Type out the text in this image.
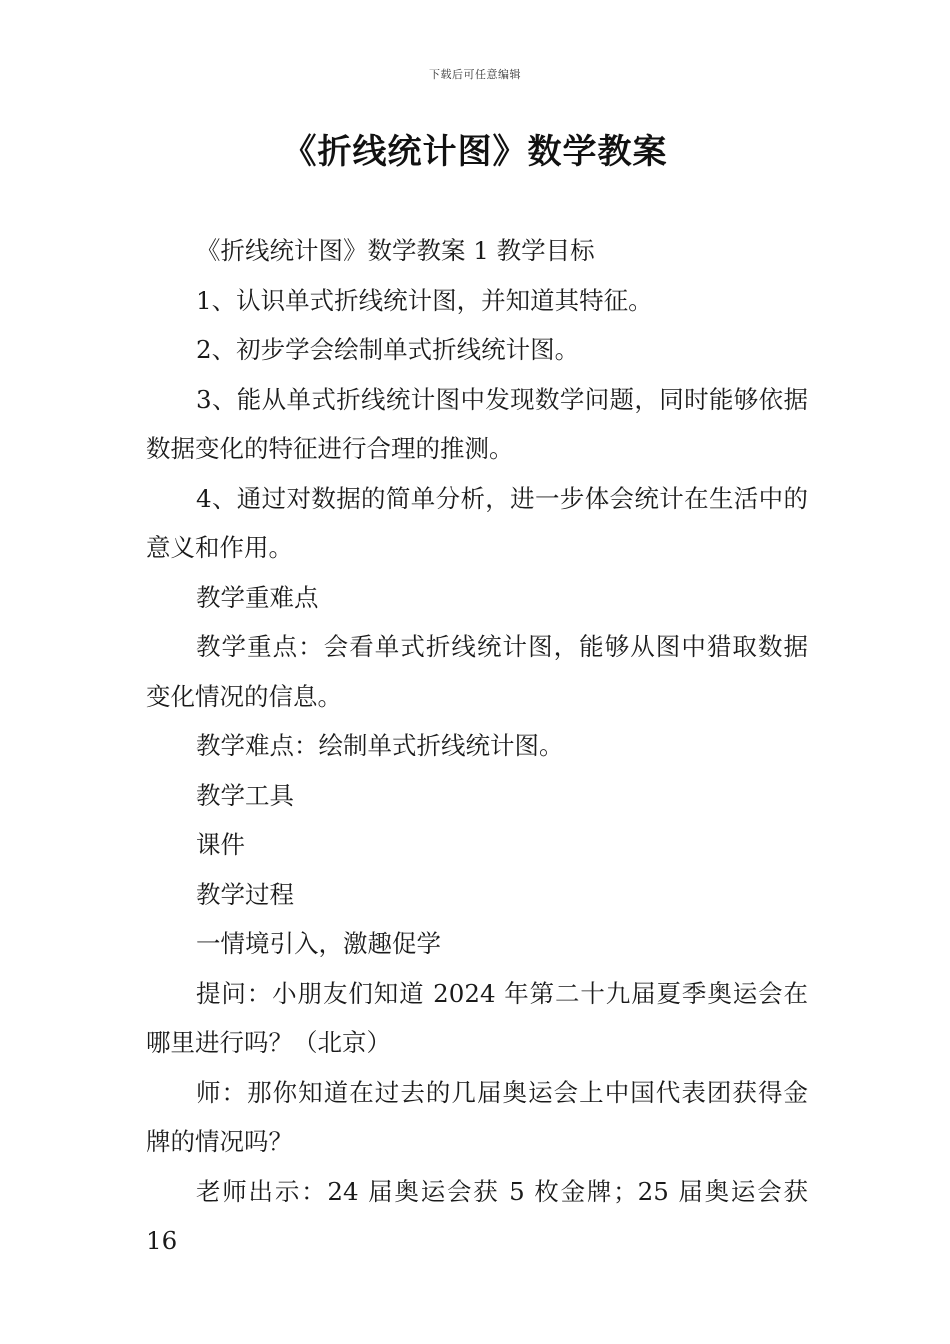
下载后可任意编辑
《折线统计图》数学教案

《折线统计图》数学教案 1 教学目标

1、认识单式折线统计图，并知道其特征。

2、初步学会绘制单式折线统计图。

3、能从单式折线统计图中发现数学问题，同时能够依据数据变化的特征进行合理的推测。

4、通过对数据的简单分析，进一步体会统计在生活中的意义和作用。

教学重难点

教学重点：会看单式折线统计图，能够从图中猎取数据变化情况的信息。

教学难点：绘制单式折线统计图。

教学工具

课件

教学过程

一情境引入，激趣促学

提问：小朋友们知道 2024 年第二十九届夏季奥运会在哪里进行吗？（北京）

师：那你知道在过去的几届奥运会上中国代表团获得金牌的情况吗？

老师出示：24 届奥运会获 5 枚金牌；25 届奥运会获 16
